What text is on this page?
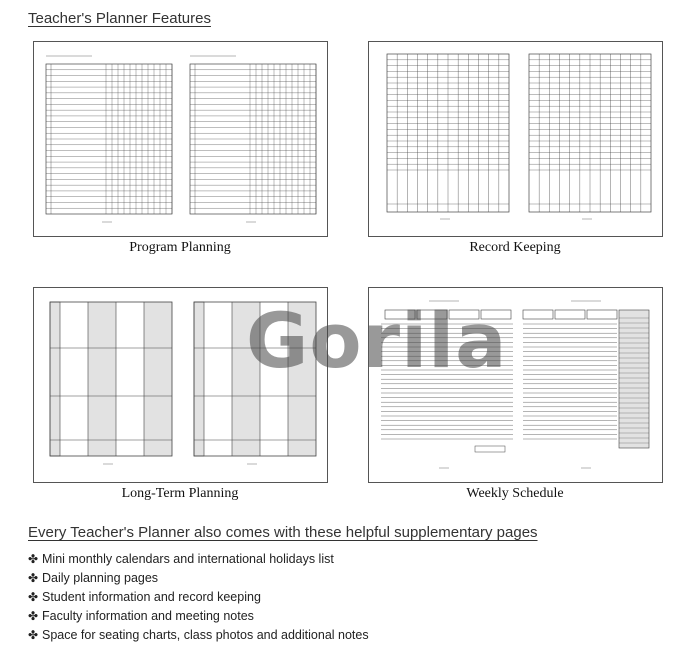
Teacher's Planner Features
Program Planning	Record Keeping
Long-Term Planning	Weekly Schedule
Gorila
Every Teacher's Planner also comes with these helpful supplementary pages
✤ Mini monthly calendars and international holidays list
✤ Daily planning pages
✤ Student information and record keeping
✤ Faculty information and meeting notes
✤ Space for seating charts, class photos and additional notes
